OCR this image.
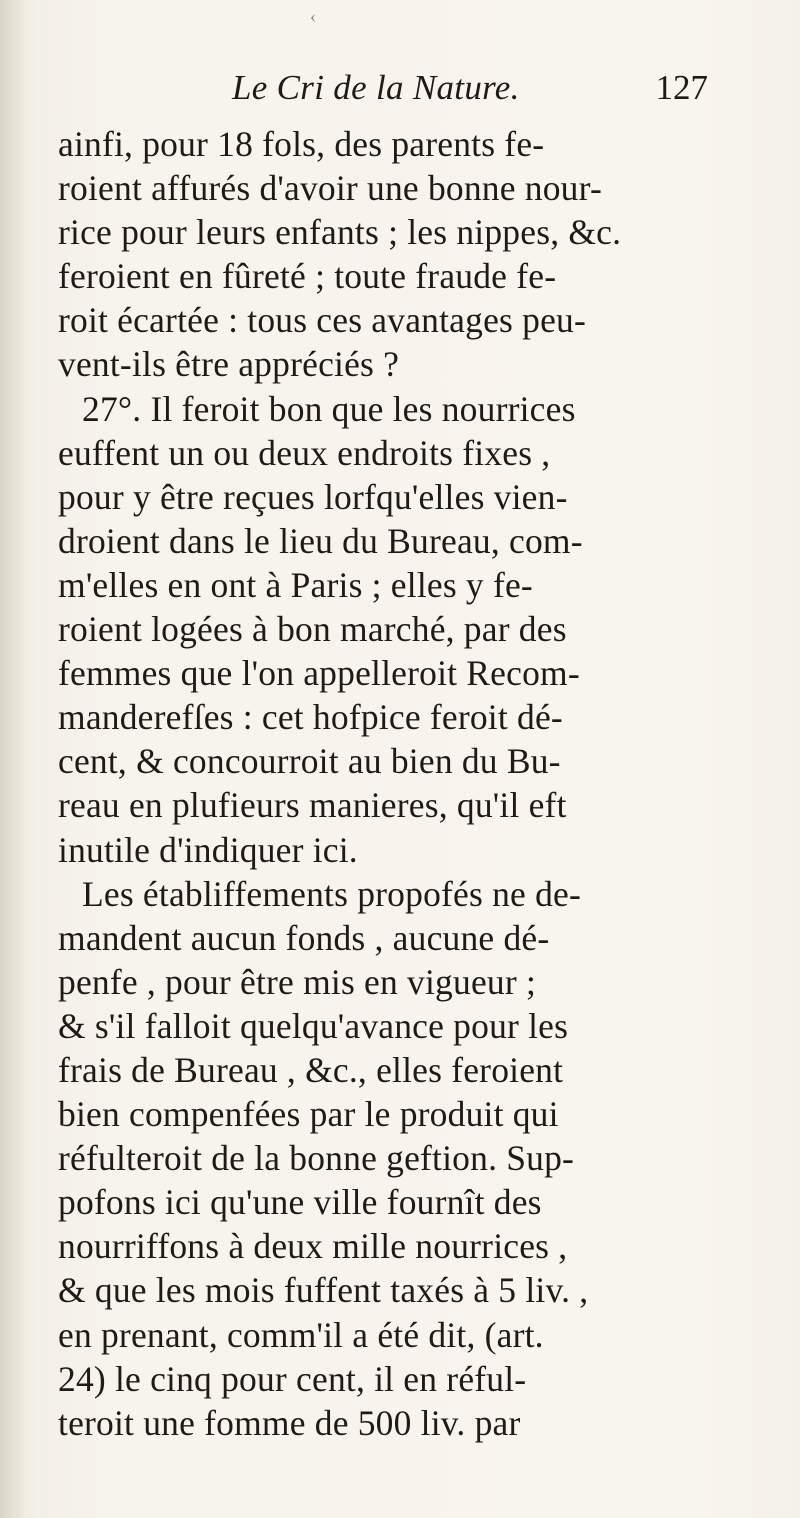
‹
Le Cri de la Nature.	127
ainfi, pour 18 fols, des parents fe-
roient affurés d'avoir une bonne nour-
rice pour leurs enfants ; les nippes, &c.
feroient en fûreté ; toute fraude fe-
roit écartée : tous ces avantages peu-
vent-ils être appréciés ?
27°. Il feroit bon que les nourrices
euffent un ou deux endroits fixes ,
pour y être reçues lorfqu'elles vien-
droient dans le lieu du Bureau, com-
m'elles en ont à Paris ; elles y fe-
roient logées à bon marché, par des
femmes que l'on appelleroit Recom-
manderefſes : cet hofpice feroit dé-
cent, & concourroit au bien du Bu-
reau en plufieurs manieres, qu'il eft
inutile d'indiquer ici.
Les établiffements propofés ne de-
mandent aucun fonds , aucune dé-
penfe , pour être mis en vigueur ;
& s'il falloit quelqu'avance pour les
frais de Bureau , &c., elles feroient
bien compenfées par le produit qui
réfulteroit de la bonne geftion. Sup-
pofons ici qu'une ville fournît des
nourriffons à deux mille nourrices ,
& que les mois fuffent taxés à 5 liv. ,
en prenant, comm'il a été dit, (art.
24) le cinq pour cent, il en réful-
teroit une fomme de 500 liv. par
